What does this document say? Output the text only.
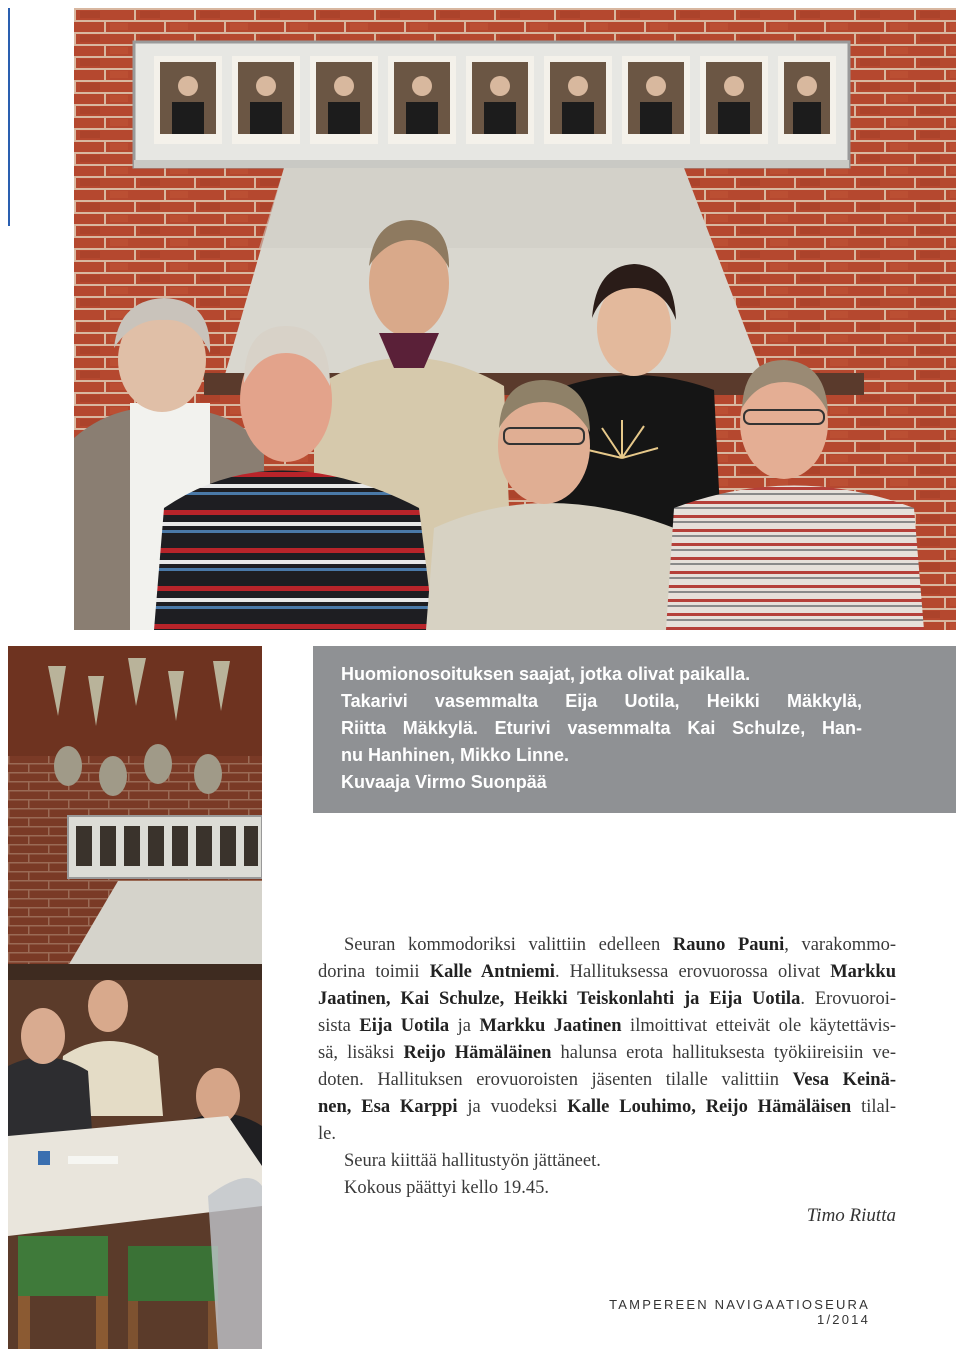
Huomionosoituksen saajat, jotka olivat paikalla.
Takarivi vasemmalta Eija Uotila, Heikki Mäkkylä,
Riitta Mäkkylä. Eturivi vasemmalta Kai Schulze, Han-
nu Hanhinen, Mikko Linne.
Kuvaaja Virmo Suonpää
Seuran kommodoriksi valittiin edelleen Rauno Pauni, varakommo-
dorina toimii Kalle Antniemi. Hallituksessa erovuorossa olivat Markku
Jaatinen, Kai Schulze, Heikki Teiskonlahti ja Eija Uotila. Erovuoroi-
sista Eija Uotila ja Markku Jaatinen ilmoittivat etteivät ole käytettävis-
sä, lisäksi Reijo Hämäläinen halunsa erota hallituksesta työkiireisiin ve-
doten. Hallituksen erovuoroisten jäsenten tilalle valittiin Vesa Keinä-
nen, Esa Karppi ja vuodeksi Kalle Louhimo, Reijo Hämäläisen tilal-
le.
Seura kiittää hallitustyön jättäneet.
Kokous päättyi kello 19.45.
Timo Riutta
TAMPEREEN NAVIGAATIOSEURA 1/2014
